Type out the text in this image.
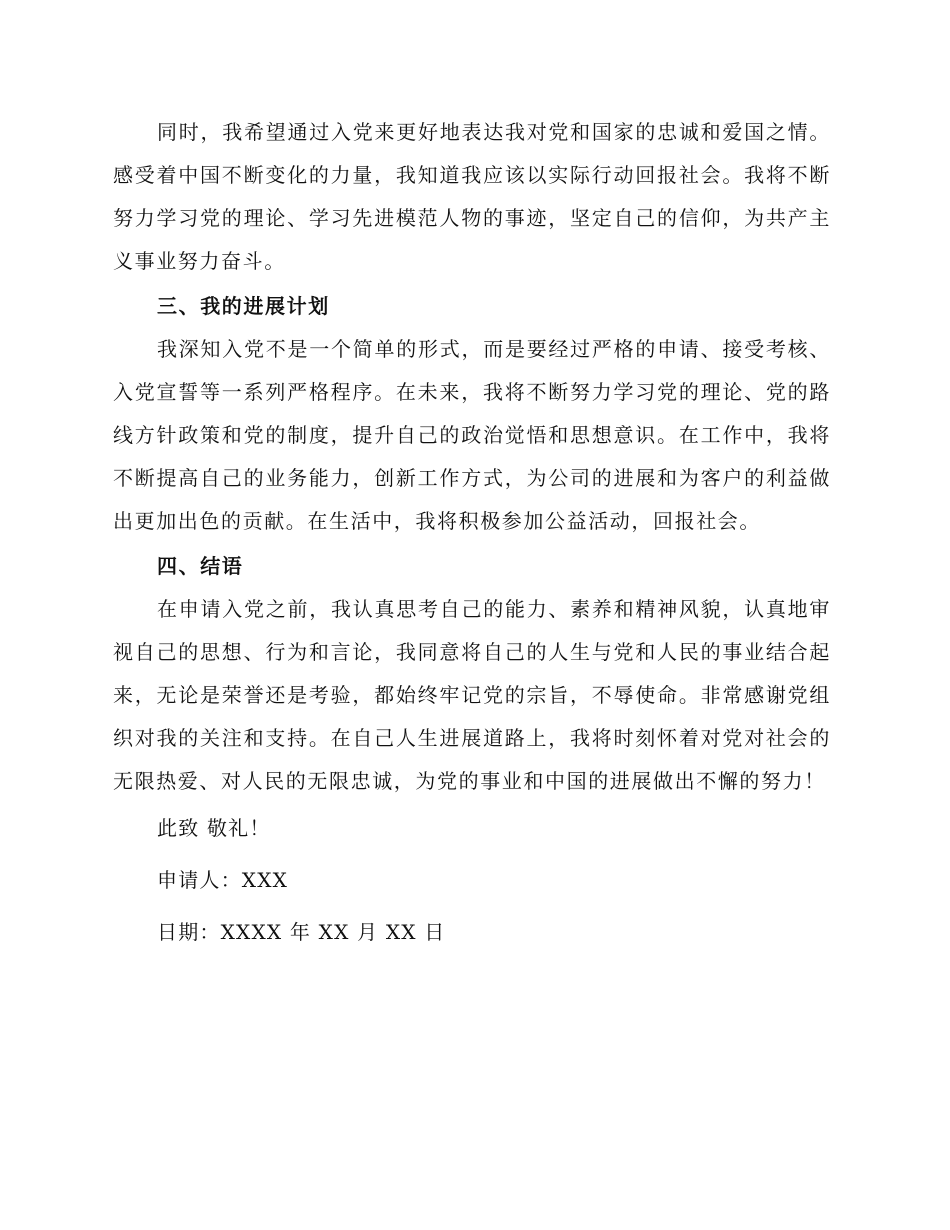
同时，我希望通过入党来更好地表达我对党和国家的忠诚和爱国之情。感受着中国不断变化的力量，我知道我应该以实际行动回报社会。我将不断努力学习党的理论、学习先进模范人物的事迹，坚定自己的信仰，为共产主义事业努力奋斗。

三、我的进展计划

我深知入党不是一个简单的形式，而是要经过严格的申请、接受考核、入党宣誓等一系列严格程序。在未来，我将不断努力学习党的理论、党的路线方针政策和党的制度，提升自己的政治觉悟和思想意识。在工作中，我将不断提高自己的业务能力，创新工作方式，为公司的进展和为客户的利益做出更加出色的贡献。在生活中，我将积极参加公益活动，回报社会。

四、结语

在申请入党之前，我认真思考自己的能力、素养和精神风貌，认真地审视自己的思想、行为和言论，我同意将自己的人生与党和人民的事业结合起来，无论是荣誉还是考验，都始终牢记党的宗旨，不辱使命。非常感谢党组织对我的关注和支持。在自己人生进展道路上，我将时刻怀着对党对社会的无限热爱、对人民的无限忠诚，为党的事业和中国的进展做出不懈的努力！

此致 敬礼！

申请人：XXX

日期：XXXX 年 XX 月 XX 日
